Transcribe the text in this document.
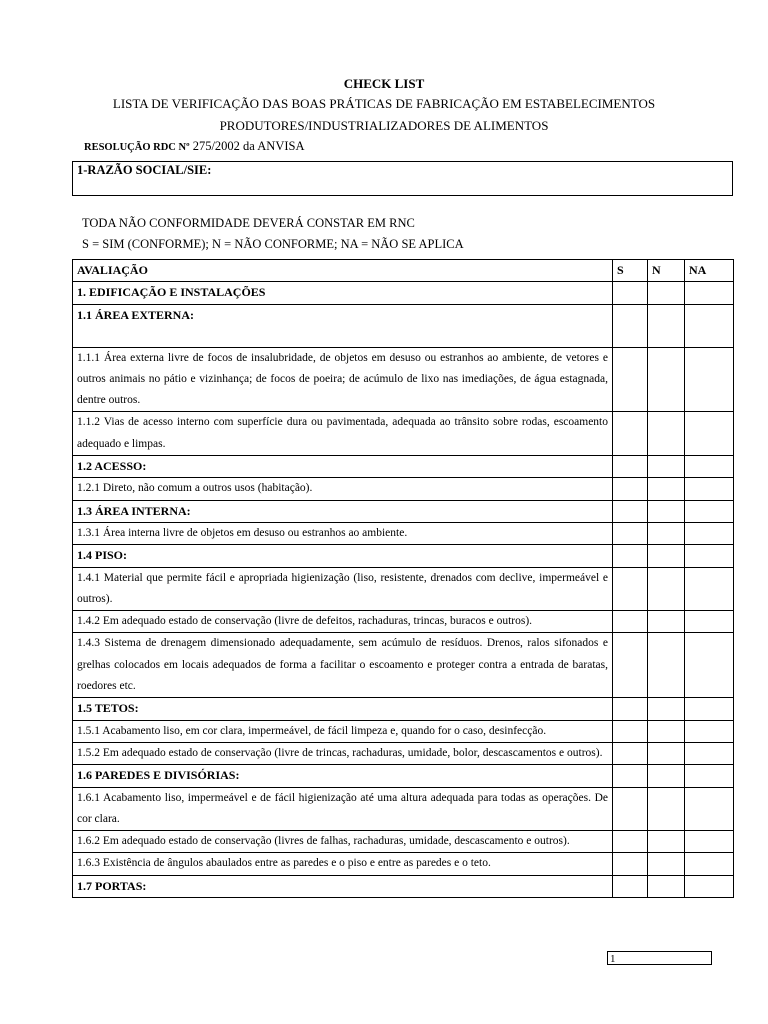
CHECK LIST
LISTA DE VERIFICAÇÃO DAS BOAS PRÁTICAS DE FABRICAÇÃO EM ESTABELECIMENTOS
PRODUTORES/INDUSTRIALIZADORES DE ALIMENTOS
RESOLUÇÃO RDC Nº 275/2002 da ANVISA
1-RAZÃO SOCIAL/SIE:
TODA NÃO CONFORMIDADE DEVERÁ CONSTAR EM RNC
S = SIM (CONFORME); N = NÃO CONFORME; NA = NÃO SE APLICA
AVALIAÇÃO	S	N	NA
1. EDIFICAÇÃO E INSTALAÇÕES			
1.1 ÁREA EXTERNA:			
1.1.1 Área externa livre de focos de insalubridade, de objetos em desuso ou estranhos ao ambiente, de vetores e outros animais no pátio e vizinhança; de focos de poeira; de acúmulo de lixo nas imediações, de água estagnada, dentre outros.			
1.1.2 Vias de acesso interno com superfície dura ou pavimentada, adequada ao trânsito sobre rodas, escoamento adequado e limpas.			
1.2 ACESSO:			
1.2.1 Direto, não comum a outros usos (habitação).			
1.3 ÁREA INTERNA:			
1.3.1 Área interna livre de objetos em desuso ou estranhos ao ambiente.			
1.4 PISO:			
1.4.1 Material que permite fácil e apropriada higienização (liso, resistente, drenados com declive, impermeável e outros).			
1.4.2 Em adequado estado de conservação (livre de defeitos, rachaduras, trincas, buracos e outros).			
1.4.3 Sistema de drenagem dimensionado adequadamente, sem acúmulo de resíduos. Drenos, ralos sifonados e grelhas colocados em locais adequados de forma a facilitar o escoamento e proteger contra a entrada de baratas, roedores etc.			
1.5 TETOS:			
1.5.1 Acabamento liso, em cor clara, impermeável, de fácil limpeza e, quando for o caso, desinfecção.			
1.5.2 Em adequado estado de conservação (livre de trincas, rachaduras, umidade, bolor, descascamentos e outros).			
1.6 PAREDES E DIVISÓRIAS:			
1.6.1 Acabamento liso, impermeável e de fácil higienização até uma altura adequada para todas as operações. De cor clara.			
1.6.2 Em adequado estado de conservação (livres de falhas, rachaduras, umidade, descascamento e outros).			
1.6.3 Existência de ângulos abaulados entre as paredes e o piso e entre as paredes e o teto.			
1.7 PORTAS:			
1
